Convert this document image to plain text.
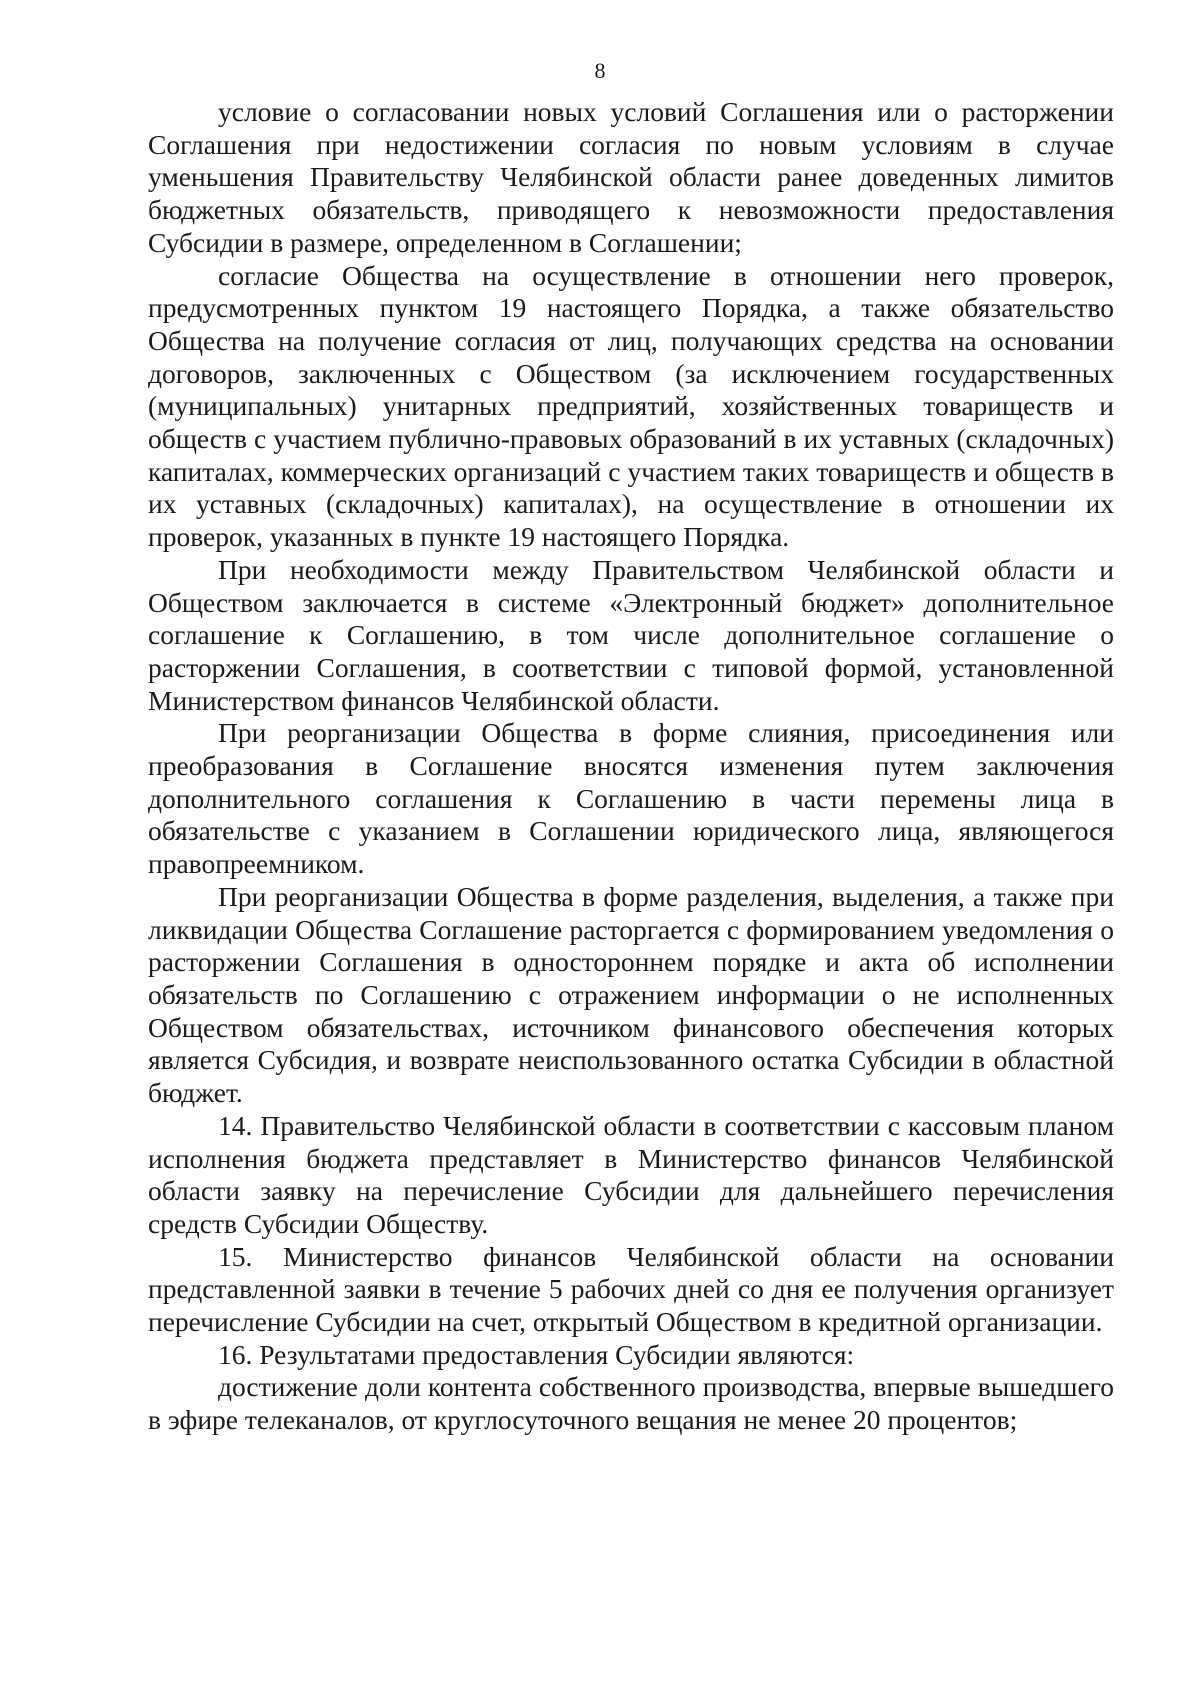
8

условие о согласовании новых условий Соглашения или о расторжении Соглашения при недостижении согласия по новым условиям в случае уменьшения Правительству Челябинской области ранее доведенных лимитов бюджетных обязательств, приводящего к невозможности предоставления Субсидии в размере, определенном в Соглашении;

согласие Общества на осуществление в отношении него проверок, предусмотренных пунктом 19 настоящего Порядка, а также обязательство Общества на получение согласия от лиц, получающих средства на основании договоров, заключенных с Обществом (за исключением государственных (муниципальных) унитарных предприятий, хозяйственных товариществ и обществ с участием публично-правовых образований в их уставных (складочных) капиталах, коммерческих организаций с участием таких товариществ и обществ в их уставных (складочных) капиталах), на осуществление в отношении их проверок, указанных в пункте 19 настоящего Порядка.

При необходимости между Правительством Челябинской области и Обществом заключается в системе «Электронный бюджет» дополнительное соглашение к Соглашению, в том числе дополнительное соглашение о расторжении Соглашения, в соответствии с типовой формой, установленной Министерством финансов Челябинской области.

При реорганизации Общества в форме слияния, присоединения или преобразования в Соглашение вносятся изменения путем заключения дополнительного соглашения к Соглашению в части перемены лица в обязательстве с указанием в Соглашении юридического лица, являющегося правопреемником.

При реорганизации Общества в форме разделения, выделения, а также при ликвидации Общества Соглашение расторгается с формированием уведомления о расторжении Соглашения в одностороннем порядке и акта об исполнении обязательств по Соглашению с отражением информации о не исполненных Обществом обязательствах, источником финансового обеспечения которых является Субсидия, и возврате неиспользованного остатка Субсидии в областной бюджет.

14. Правительство Челябинской области в соответствии с кассовым планом исполнения бюджета представляет в Министерство финансов Челябинской области заявку на перечисление Субсидии для дальнейшего перечисления средств Субсидии Обществу.

15. Министерство финансов Челябинской области на основании представленной заявки в течение 5 рабочих дней со дня ее получения организует перечисление Субсидии на счет, открытый Обществом в кредитной организации.

16. Результатами предоставления Субсидии являются:

достижение доли контента собственного производства, впервые вышедшего в эфире телеканалов, от круглосуточного вещания не менее 20 процентов;
